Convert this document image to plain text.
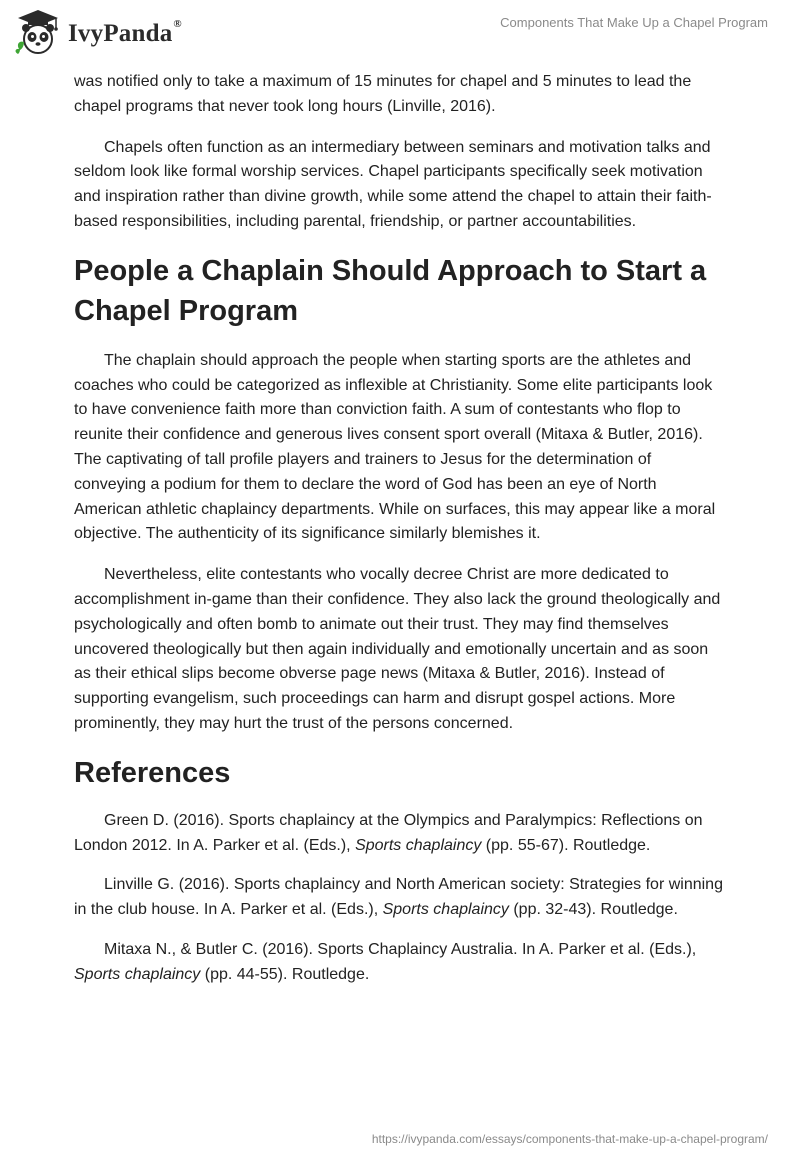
IvyPanda®	Components That Make Up a Chapel Program

was notified only to take a maximum of 15 minutes for chapel and 5 minutes to lead the chapel programs that never took long hours (Linville, 2016).

Chapels often function as an intermediary between seminars and motivation talks and seldom look like formal worship services. Chapel participants specifically seek motivation and inspiration rather than divine growth, while some attend the chapel to attain their faith-based responsibilities, including parental, friendship, or partner accountabilities.

People a Chaplain Should Approach to Start a Chapel Program

The chaplain should approach the people when starting sports are the athletes and coaches who could be categorized as inflexible at Christianity. Some elite participants look to have convenience faith more than conviction faith. A sum of contestants who flop to reunite their confidence and generous lives consent sport overall (Mitaxa & Butler, 2016). The captivating of tall profile players and trainers to Jesus for the determination of conveying a podium for them to declare the word of God has been an eye of North American athletic chaplaincy departments. While on surfaces, this may appear like a moral objective. The authenticity of its significance similarly blemishes it.

Nevertheless, elite contestants who vocally decree Christ are more dedicated to accomplishment in-game than their confidence. They also lack the ground theologically and psychologically and often bomb to animate out their trust. They may find themselves uncovered theologically but then again individually and emotionally uncertain and as soon as their ethical slips become obverse page news (Mitaxa & Butler, 2016). Instead of supporting evangelism, such proceedings can harm and disrupt gospel actions. More prominently, they may hurt the trust of the persons concerned.

References

Green D. (2016). Sports chaplaincy at the Olympics and Paralympics: Reflections on London 2012. In A. Parker et al. (Eds.), Sports chaplaincy (pp. 55-67). Routledge.

Linville G. (2016). Sports chaplaincy and North American society: Strategies for winning in the club house. In A. Parker et al. (Eds.), Sports chaplaincy (pp. 32-43). Routledge.

Mitaxa N., & Butler C. (2016). Sports Chaplaincy Australia. In A. Parker et al. (Eds.), Sports chaplaincy (pp. 44-55). Routledge.

https://ivypanda.com/essays/components-that-make-up-a-chapel-program/
